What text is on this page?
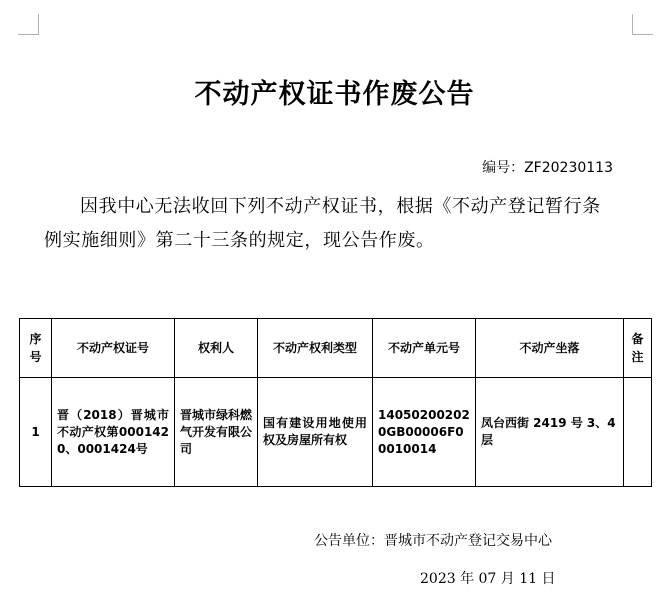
不动产权证书作废公告
编号：ZF20230113
因我中心无法收回下列不动产权证书，根据《不动产登记暂行条例实施细则》第二十三条的规定，现公告作废。
序号	不动产权证号	权利人	不动产权利类型	不动产单元号	不动产坐落	备注
1	晋（2018）晋城市不动产权第0001420、0001424号	晋城市绿科燃气开发有限公司	国有建设用地使用权及房屋所有权	140502002020GB00006F00010014	凤台西街 2419 号 3、4 层	
公告单位：晋城市不动产登记交易中心
2023 年 07 月 11 日
